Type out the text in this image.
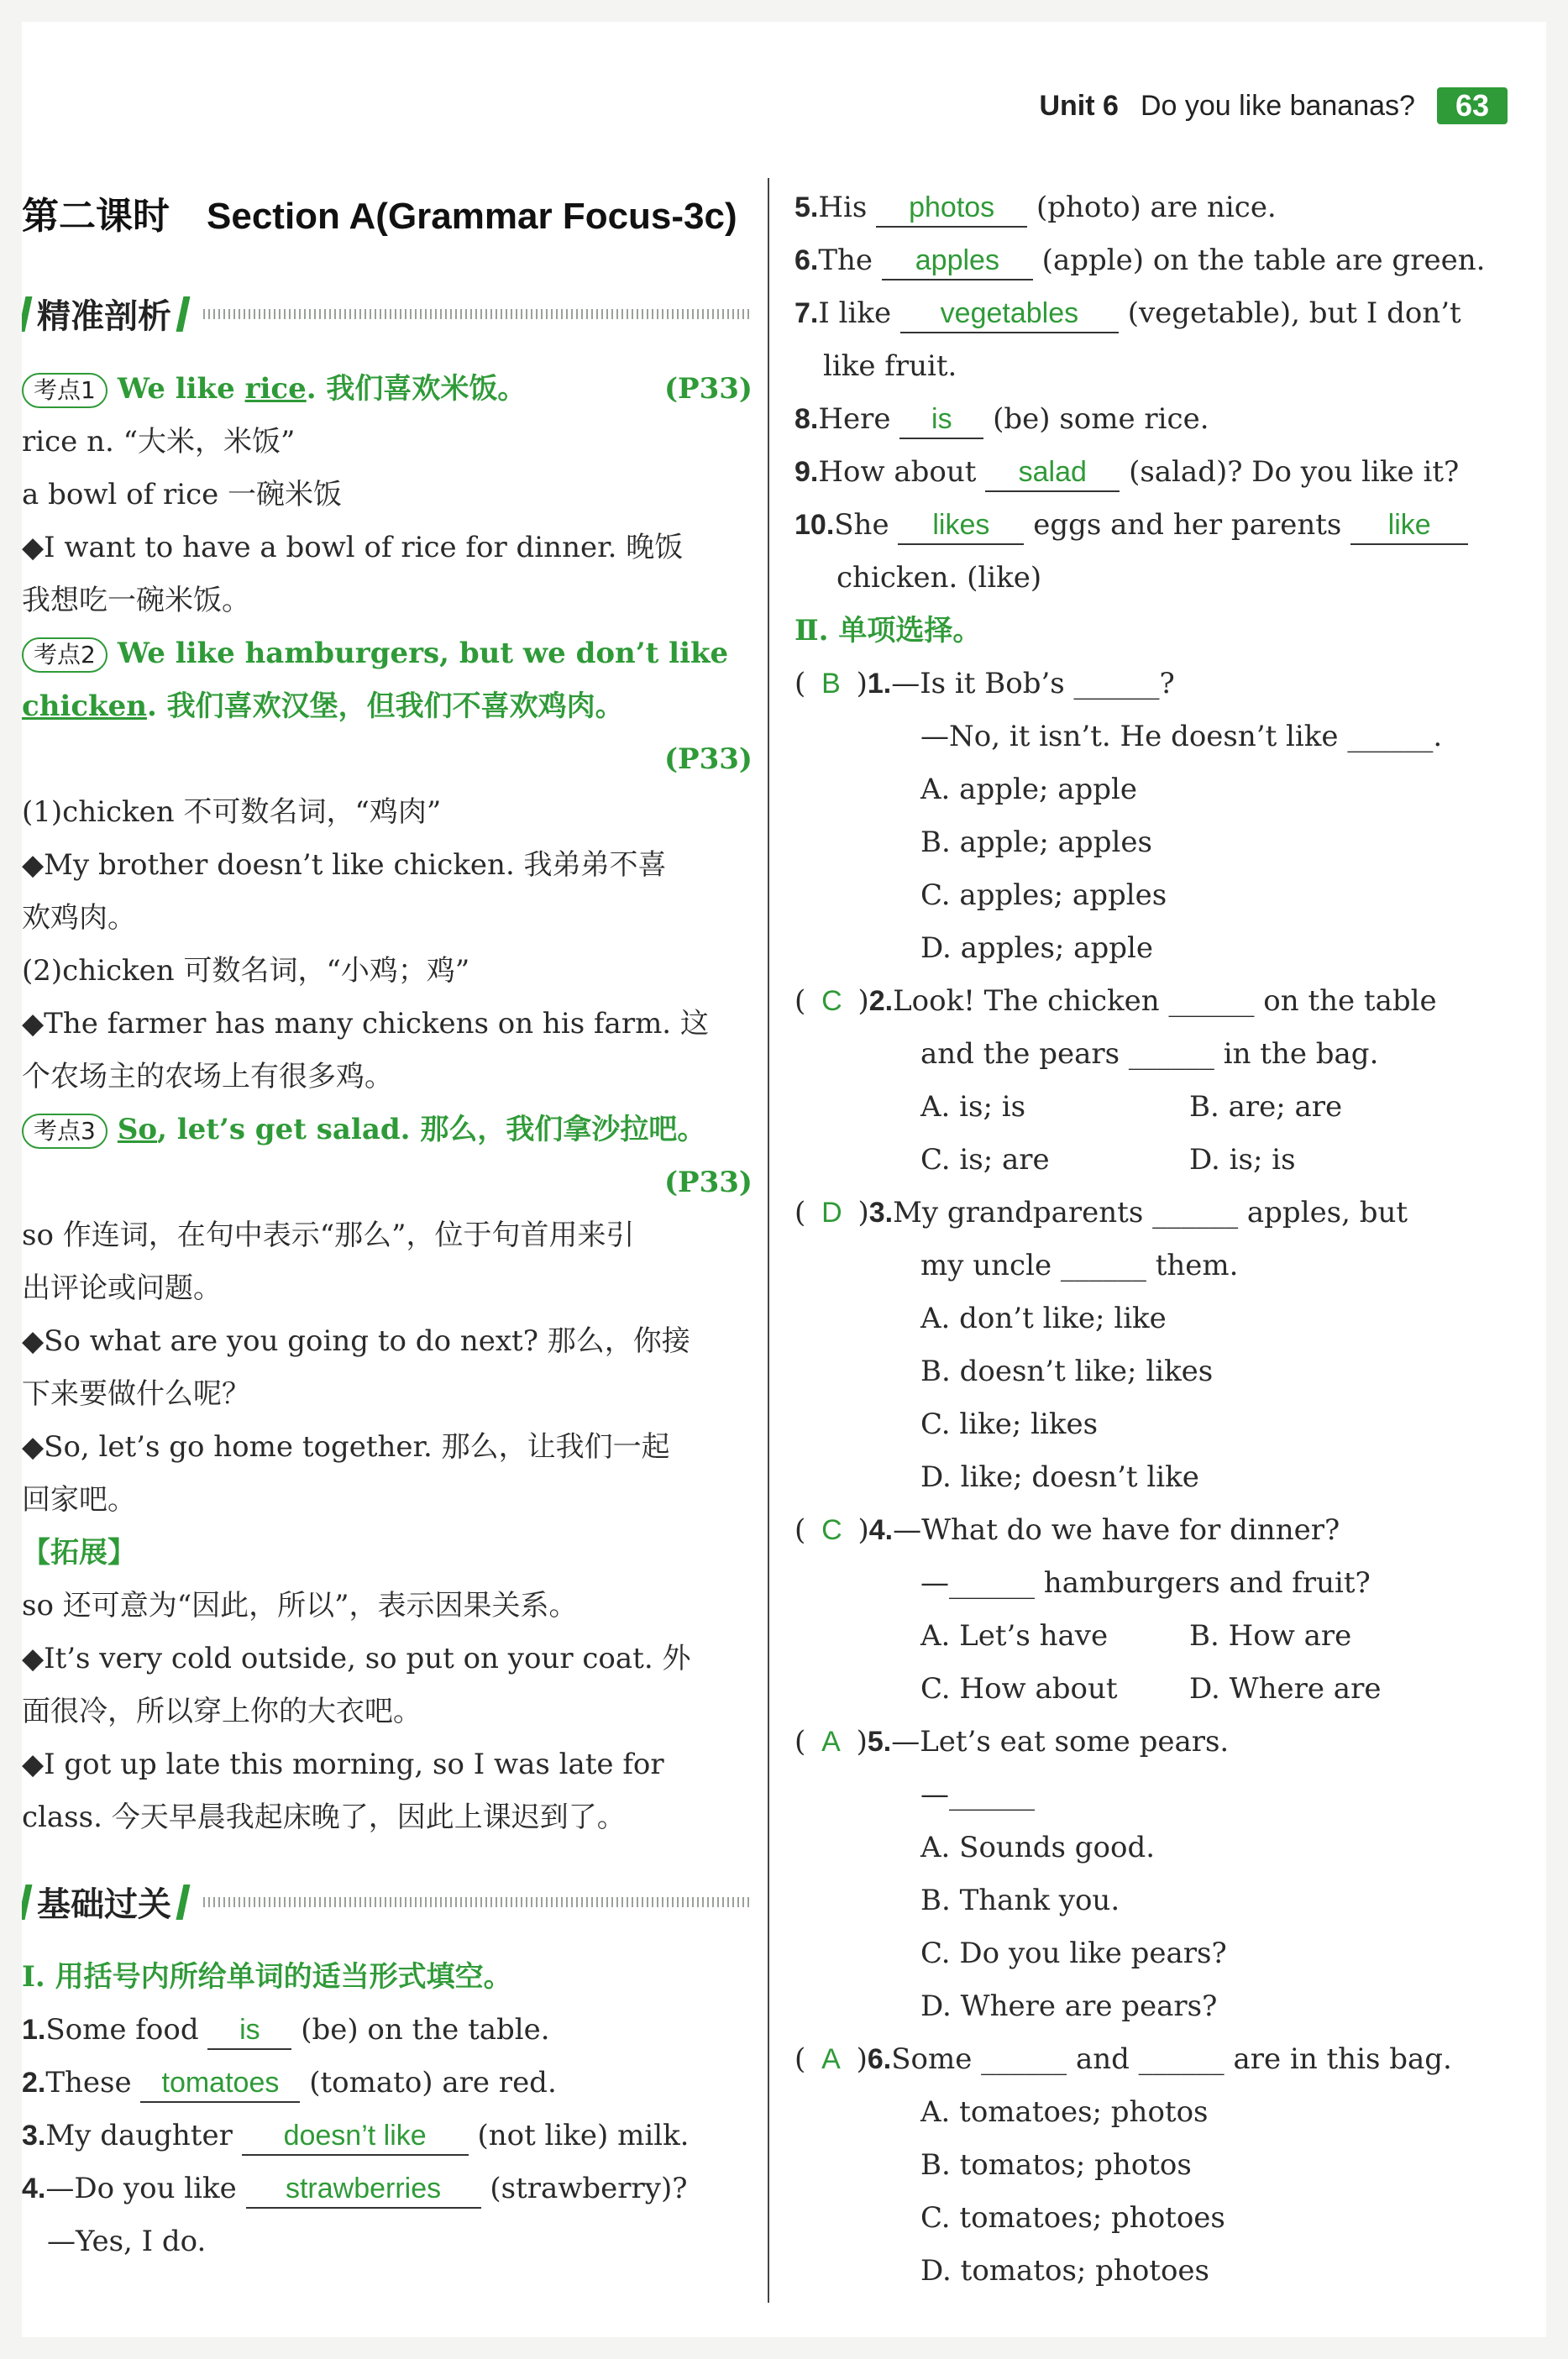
Unit 6 Do you like bananas?	63
第二课时 Section A(Grammar Focus-3c)
精准剖析
考点1 We like rice. 我们喜欢米饭。	(P33)
rice n. “大米，米饭”
a bowl of rice 一碗米饭
◆I want to have a bowl of rice for dinner. 晚饭
我想吃一碗米饭。
考点2 We like hamburgers, but we don’t like
chicken. 我们喜欢汉堡，但我们不喜欢鸡肉。
(P33)
(1)chicken 不可数名词，“鸡肉”
◆My brother doesn’t like chicken. 我弟弟不喜
欢鸡肉。
(2)chicken 可数名词，“小鸡；鸡”
◆The farmer has many chickens on his farm. 这
个农场主的农场上有很多鸡。
考点3 So, let’s get salad. 那么，我们拿沙拉吧。
(P33)
so 作连词，在句中表示“那么”，位于句首用来引
出评论或问题。
◆So what are you going to do next? 那么，你接
下来要做什么呢？
◆So, let’s go home together. 那么，让我们一起
回家吧。
【拓展】
so 还可意为“因此，所以”，表示因果关系。
◆It’s very cold outside, so put on your coat. 外
面很冷，所以穿上你的大衣吧。
◆I got up late this morning, so I was late for
class. 今天早晨我起床晚了，因此上课迟到了。
基础过关
Ⅰ. 用括号内所给单词的适当形式填空。
1.Some food is (be) on the table.
2.These tomatoes (tomato) are red.
3.My daughter doesn’t like (not like) milk.
4.—Do you like strawberries (strawberry)?
—Yes, I do.
5.His photos (photo) are nice.
6.The apples (apple) on the table are green.
7.I like vegetables (vegetable), but I don’t
like fruit.
8.Here is (be) some rice.
9.How about salad (salad)? Do you like it?
10.She likes eggs and her parents like
chicken. (like)
Ⅱ. 单项选择。
( B )1.—Is it Bob’s ______?
—No, it isn’t. He doesn’t like ______.
A. apple; apple
B. apple; apples
C. apples; apples
D. apples; apple
( C )2.Look! The chicken ______ on the table
and the pears ______ in the bag.
A. is; is	B. are; are
C. is; are	D. is; is
( D )3.My grandparents ______ apples, but
my uncle ______ them.
A. don’t like; like
B. doesn’t like; likes
C. like; likes
D. like; doesn’t like
( C )4.—What do we have for dinner?
—______ hamburgers and fruit?
A. Let’s have	B. How are
C. How about	D. Where are
( A )5.—Let’s eat some pears.
—______
A. Sounds good.
B. Thank you.
C. Do you like pears?
D. Where are pears?
( A )6.Some ______ and ______ are in this bag.
A. tomatoes; photos
B. tomatos; photos
C. tomatoes; photoes
D. tomatos; photoes
